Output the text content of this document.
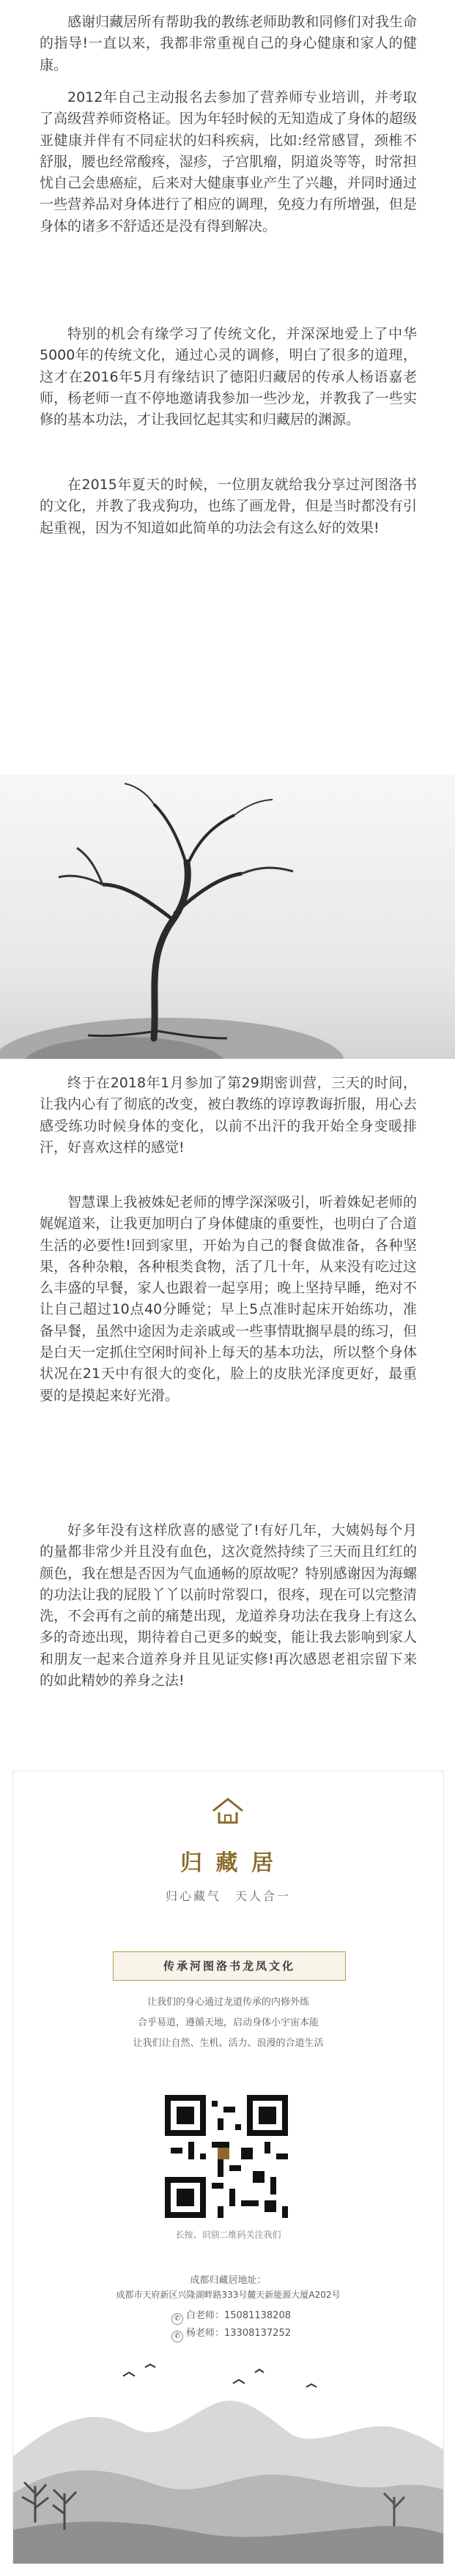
感谢归藏居所有帮助我的教练老师助教和同修们对我生命的指导!一直以来，我都非常重视自己的身心健康和家人的健康。

2012年自己主动报名去参加了营养师专业培训，并考取了高级营养师资格证。因为年轻时候的无知造成了身体的超级亚健康并伴有不同症状的妇科疾病，比如:经常感冒，颈椎不舒服，腰也经常酸疼，湿疹，子宫肌瘤，阴道炎等等，时常担忧自己会患癌症，后来对大健康事业产生了兴趣，并同时通过一些营养品对身体进行了相应的调理，免疫力有所增强，但是身体的诸多不舒适还是没有得到解决。

特别的机会有缘学习了传统文化，并深深地爱上了中华5000年的传统文化，通过心灵的调修，明白了很多的道理，这才在2016年5月有缘结识了德阳归藏居的传承人杨语嘉老师，杨老师一直不停地邀请我参加一些沙龙，并教我了一些实修的基本功法，才让我回忆起其实和归藏居的渊源。

在2015年夏天的时候，一位朋友就给我分享过河图洛书的文化，并教了我戎狗功，也练了画龙骨，但是当时都没有引起重视，因为不知道如此简单的功法会有这么好的效果!

终于在2018年1月参加了第29期密训营，三天的时间，让我内心有了彻底的改变，被白教练的谆谆教诲折服，用心去感受练功时候身体的变化，以前不出汗的我开始全身变暖排汗，好喜欢这样的感觉!

智慧课上我被姝妃老师的博学深深吸引，听着姝妃老师的娓娓道来，让我更加明白了身体健康的重要性，也明白了合道生活的必要性!回到家里，开始为自己的餐食做准备，各种坚果，各种杂粮，各种根类食物，活了几十年，从来没有吃过这么丰盛的早餐，家人也跟着一起享用；晚上坚持早睡，绝对不让自己超过10点40分睡觉；早上5点准时起床开始练功，准备早餐，虽然中途因为走亲戚或一些事情耽搁早晨的练习，但是白天一定抓住空闲时间补上每天的基本功法，所以整个身体状况在21天中有很大的变化，脸上的皮肤光泽度更好，最重要的是摸起来好光滑。

好多年没有这样欣喜的感觉了!有好几年，大姨妈每个月的量都非常少并且没有血色，这次竟然持续了三天而且红红的颜色，我在想是否因为气血通畅的原故呢？特别感谢因为海螺的功法让我的屁股丫丫以前时常裂口，很疼，现在可以完整清洗，不会再有之前的痛楚出现，龙道养身功法在我身上有这么多的奇迹出现，期待着自己更多的蜕变，能让我去影响到家人和朋友一起来合道养身并且见证实修!再次感恩老祖宗留下来的如此精妙的养身之法!

归 藏 居
归心藏气　天人合一
传承河图洛书龙凤文化
让我们的身心通过龙道传承的内修外练
合乎易道，遵循天地，启动身体小宇宙本能
让我们让自然、生机、活力、浪漫的合道生活
长按、识别二维码关注我们
成都归藏居地址：
成都市天府新区兴隆湖畔路333号麓天新能源大厦A202号
✆ 白老师：15081138208
✆ 杨老师：13308137252
